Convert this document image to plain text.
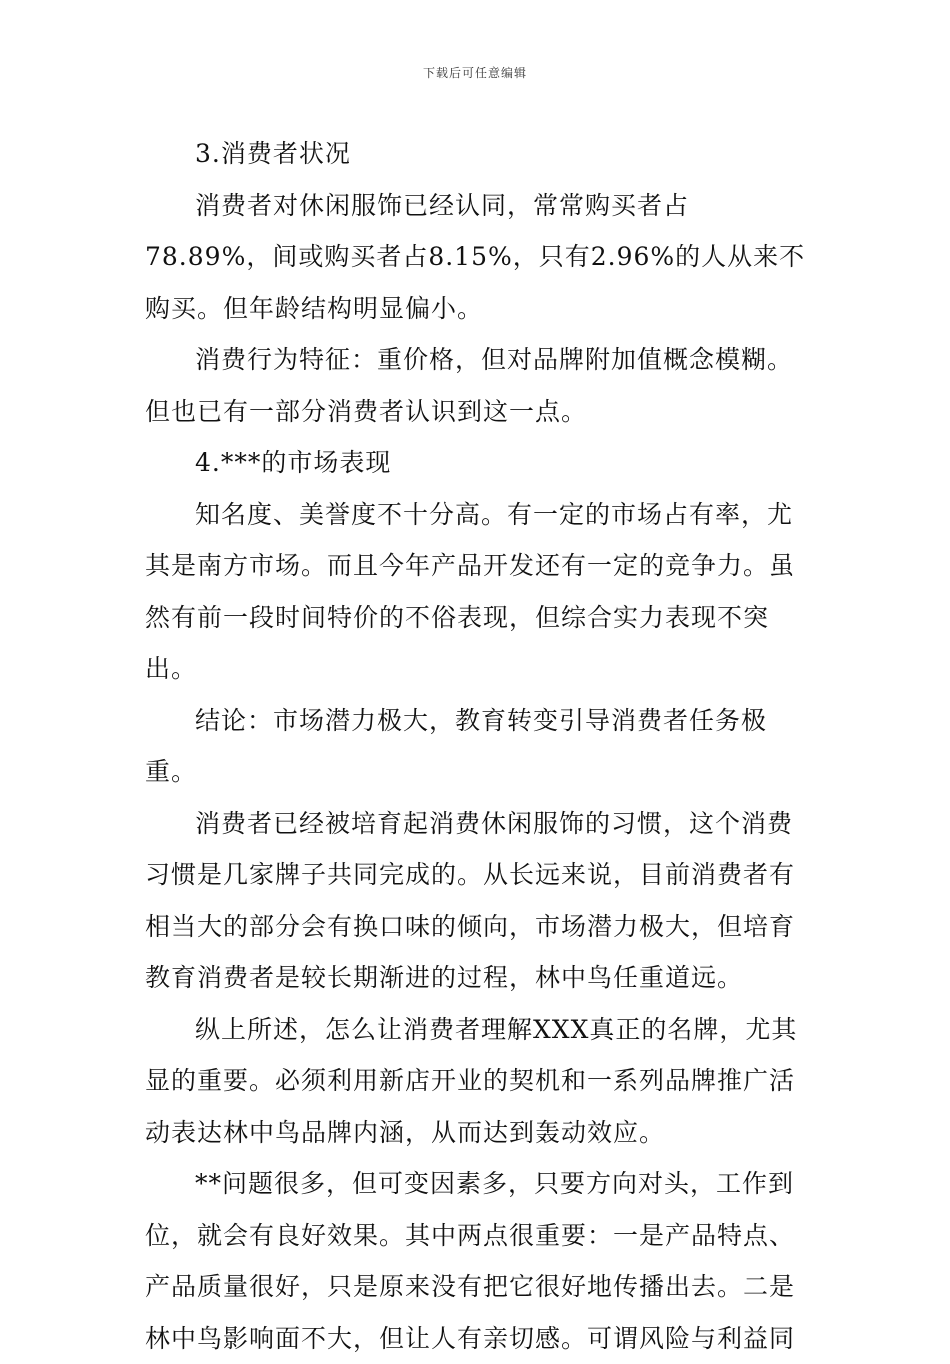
下载后可任意编辑

3.消费者状况

消费者对休闲服饰已经认同，常常购买者占78.89%，间或购买者占8.15%，只有2.96%的人从来不购买。但年龄结构明显偏小。

消费行为特征：重价格，但对品牌附加值概念模糊。但也已有一部分消费者认识到这一点。

4.***的市场表现

知名度、美誉度不十分高。有一定的市场占有率，尤其是南方市场。而且今年产品开发还有一定的竞争力。虽然有前一段时间特价的不俗表现，但综合实力表现不突出。

结论：市场潜力极大，教育转变引导消费者任务极重。

消费者已经被培育起消费休闲服饰的习惯，这个消费习惯是几家牌子共同完成的。从长远来说，目前消费者有相当大的部分会有换口味的倾向，市场潜力极大，但培育教育消费者是较长期渐进的过程，林中鸟任重道远。

纵上所述，怎么让消费者理解XXX真正的名牌，尤其显的重要。必须利用新店开业的契机和一系列品牌推广活动表达林中鸟品牌内涵，从而达到轰动效应。

**问题很多，但可变因素多，只要方向对头，工作到位，就会有良好效果。其中两点很重要：一是产品特点、产品质量很好，只是原来没有把它很好地传播出去。二是林中鸟影响面不大，但让人有亲切感。可谓风险与利益同
